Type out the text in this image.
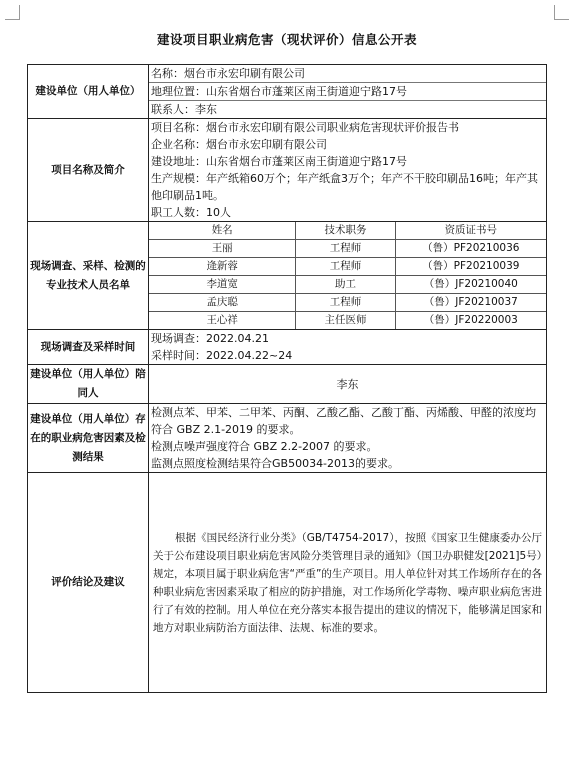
建设项目职业病危害（现状评价）信息公开表
建设单位（用人单位）	
名称：烟台市永宏印刷有限公司
地理位置：山东省烟台市蓬莱区南王街道迎宁路17号
联系人：李东

项目名称及简介	
项目名称：烟台市永宏印刷有限公司职业病危害现状评价报告书
企业名称：烟台市永宏印刷有限公司
建设地址：山东省烟台市蓬莱区南王街道迎宁路17号
生产规模：年产纸箱60万个；年产纸盒3万个；年产不干胶印刷品16吨；年产其他印刷品1吨。
职工人数：10人

现场调查、采样、检测的专业技术人员名单	
姓名	技术职务	资质证书号
王丽	工程师	（鲁）PF20210036
逄新蓉	工程师	（鲁）PF20210039
李道宽	助工	（鲁）JF20210040
孟庆聪	工程师	（鲁）JF20210037
王心祥	主任医师	（鲁）JF20220003

现场调查及采样时间	
现场调查：2022.04.21
采样时间：2022.04.22~24

建设单位（用人单位）陪同人	李东
建设单位（用人单位）存在的职业病危害因素及检测结果	
检测点苯、甲苯、二甲苯、丙酮、乙酸乙酯、乙酸丁酯、丙烯酸、甲醛的浓度均符合 GBZ 2.1-2019 的要求。
检测点噪声强度符合 GBZ 2.2-2007 的要求。
监测点照度检测结果符合GB50034-2013的要求。

评价结论及建议	
根据《国民经济行业分类》（GB/T4754-2017），按照《国家卫生健康委办公厅关于公布建设项目职业病危害风险分类管理目录的通知》（国卫办职健发[2021]5号）规定，本项目属于职业病危害“严重”的生产项目。用人单位针对其工作场所存在的各种职业病危害因素采取了相应的防护措施，对工作场所化学毒物、噪声职业病危害进行了有效的控制。用人单位在充分落实本报告提出的建议的情况下，能够满足国家和地方对职业病防治方面法律、法规、标准的要求。
